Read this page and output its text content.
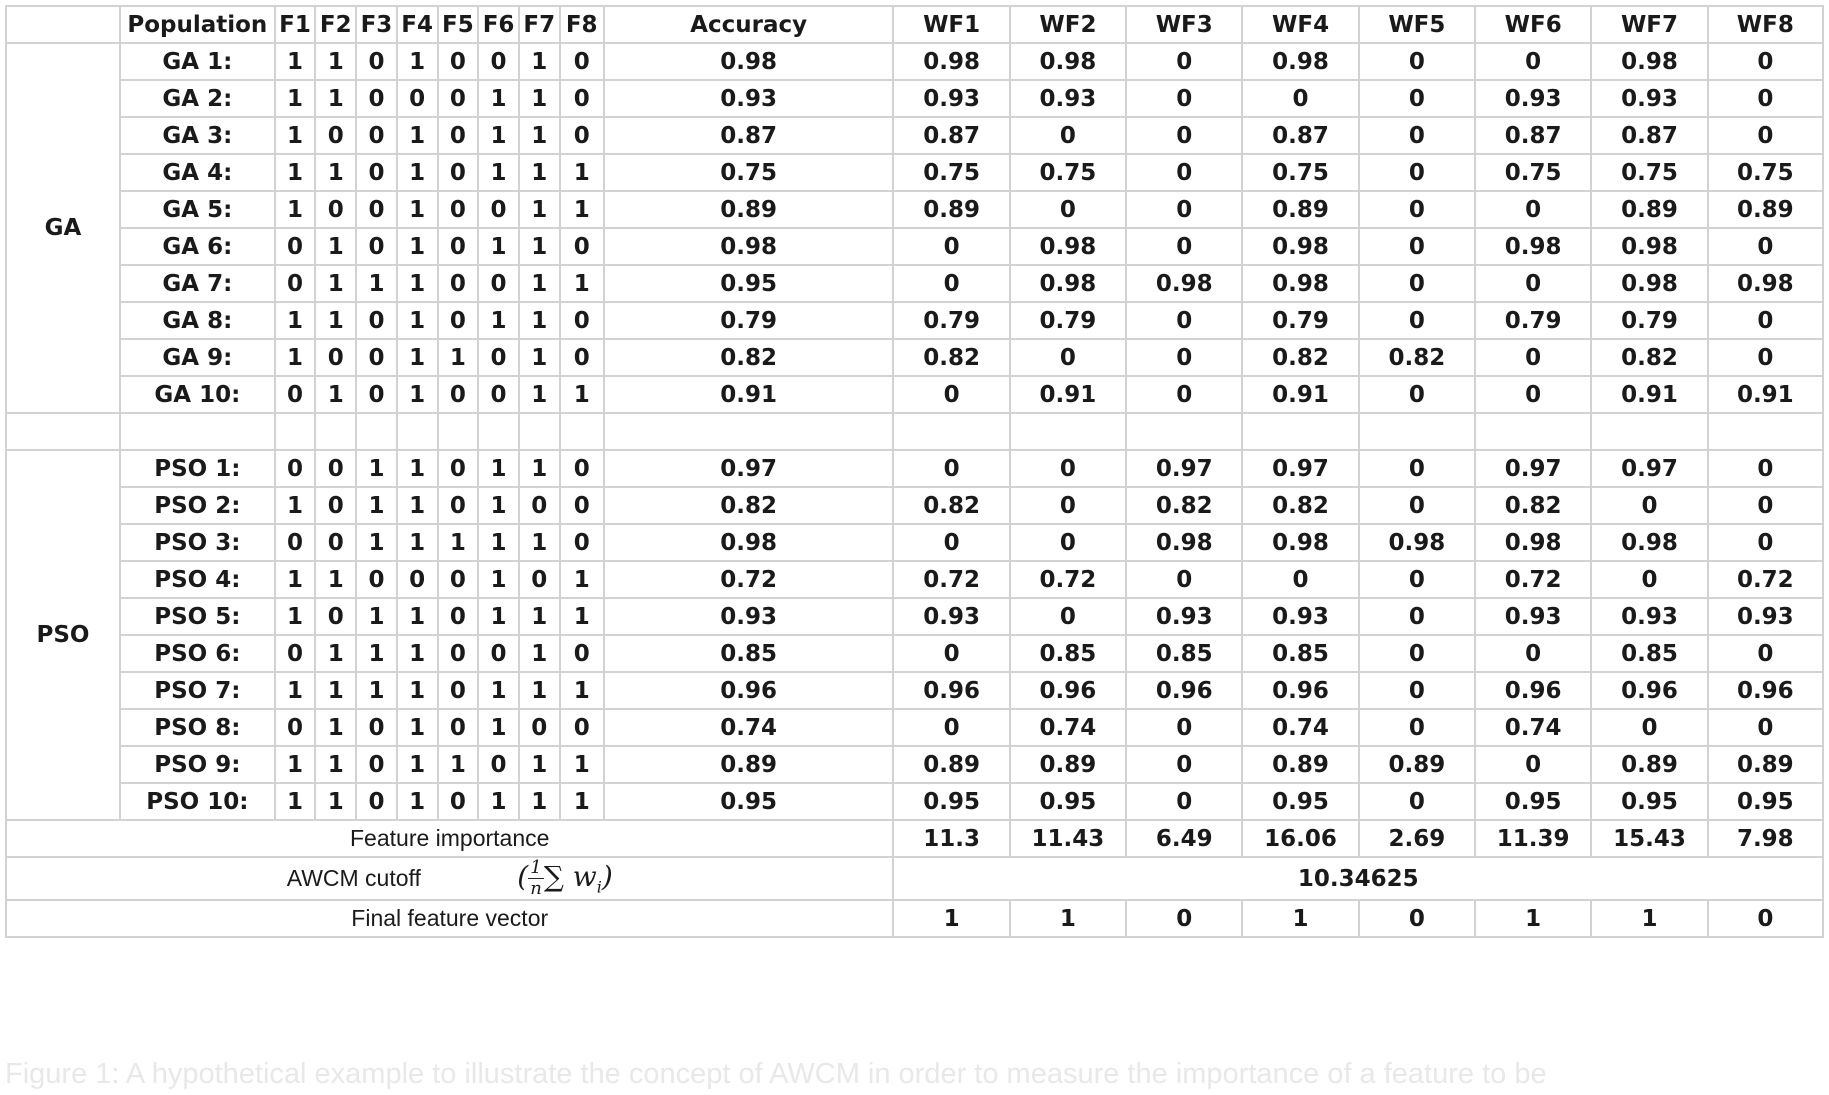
	Population	F1	F2	F3	F4	F5	F6	F7	F8	Accuracy	WF1	WF2	WF3	WF4	WF5	WF6	WF7	WF8
GA	GA 1:	1	1	0	1	0	0	1	0	0.98	0.98	0.98	0	0.98	0	0	0.98	0
	GA 2:	1	1	0	0	0	1	1	0	0.93	0.93	0.93	0	0	0	0.93	0.93	0
	GA 3:	1	0	0	1	0	1	1	0	0.87	0.87	0	0	0.87	0	0.87	0.87	0
	GA 4:	1	1	0	1	0	1	1	1	0.75	0.75	0.75	0	0.75	0	0.75	0.75	0.75
	GA 5:	1	0	0	1	0	0	1	1	0.89	0.89	0	0	0.89	0	0	0.89	0.89
	GA 6:	0	1	0	1	0	1	1	0	0.98	0	0.98	0	0.98	0	0.98	0.98	0
	GA 7:	0	1	1	1	0	0	1	1	0.95	0	0.98	0.98	0.98	0	0	0.98	0.98
	GA 8:	1	1	0	1	0	1	1	0	0.79	0.79	0.79	0	0.79	0	0.79	0.79	0
	GA 9:	1	0	0	1	1	0	1	0	0.82	0.82	0	0	0.82	0.82	0	0.82	0
	GA 10:	0	1	0	1	0	0	1	1	0.91	0	0.91	0	0.91	0	0	0.91	0.91

PSO	PSO 1:	0	0	1	1	0	1	1	0	0.97	0	0	0.97	0.97	0	0.97	0.97	0
	PSO 2:	1	0	1	1	0	1	0	0	0.82	0.82	0	0.82	0.82	0	0.82	0	0
	PSO 3:	0	0	1	1	1	1	1	0	0.98	0	0	0.98	0.98	0.98	0.98	0.98	0
	PSO 4:	1	1	0	0	0	1	0	1	0.72	0.72	0.72	0	0	0	0.72	0	0.72
	PSO 5:	1	0	1	1	0	1	1	1	0.93	0.93	0	0.93	0.93	0	0.93	0.93	0.93
	PSO 6:	0	1	1	1	0	0	1	0	0.85	0	0.85	0.85	0.85	0	0	0.85	0
	PSO 7:	1	1	1	1	0	1	1	1	0.96	0.96	0.96	0.96	0.96	0	0.96	0.96	0.96
	PSO 8:	0	1	0	1	0	1	0	0	0.74	0	0.74	0	0.74	0	0.74	0	0
	PSO 9:	1	1	0	1	1	0	1	1	0.89	0.89	0.89	0	0.89	0.89	0	0.89	0.89
	PSO 10:	1	1	0	1	0	1	1	1	0.95	0.95	0.95	0	0.95	0	0.95	0.95	0.95
Feature importance											11.3	11.43	6.49	16.06	2.69	11.39	15.43	7.98
AWCM cutoff ( $\frac{1}{n}$ ∑ $w_i$)											10.34625							
Final feature vector											1	1	0	1	0	1	1	0
Figure 1: A hypothetical example to illustrate the concept of AWCM in order to measure the importance of a feature to be
